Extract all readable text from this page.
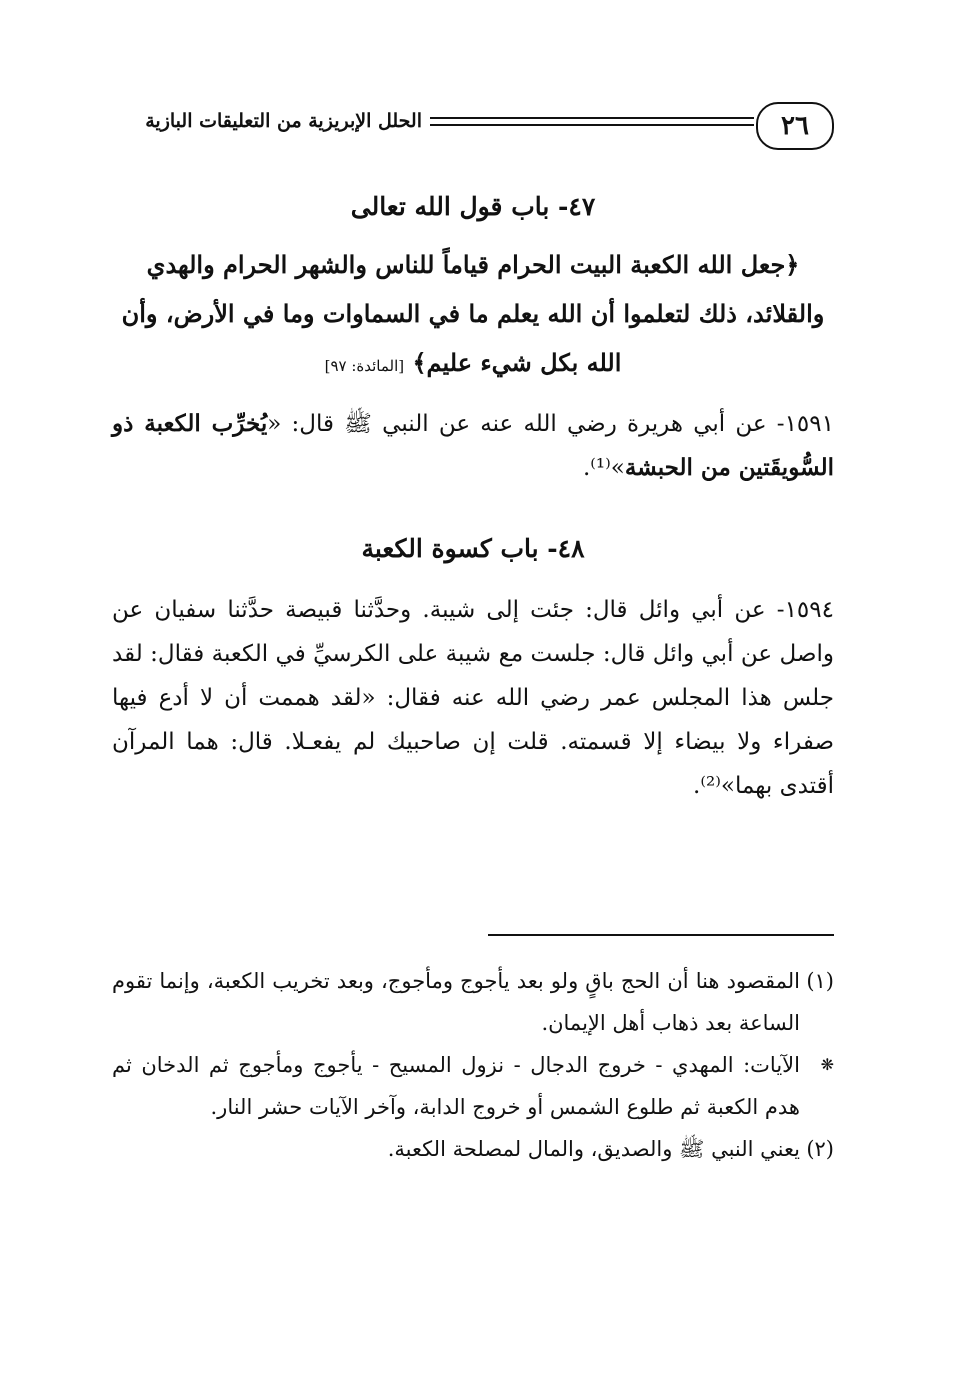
٢٦
الحلل الإبريزية من التعليقات البازية
٤٧- باب قول الله تعالى
﴿جعل الله الكعبة البيت الحرام قياماً للناس والشهر الحرام والهدي والقلائد، ذلك لتعلموا أن الله يعلم ما في السماوات وما في الأرض، وأن الله بكل شيء عليم﴾ [المائدة: ٩٧]
١٥٩١- عن أبي هريرة رضي الله عنه عن النبي ﷺ قال: «يُخرِّب الكعبة ذو السُّويقَتين من الحبشة»⁽¹⁾.
٤٨- باب كسوة الكعبة
١٥٩٤- عن أبي وائل قال: جئت إلى شيبة. وحدَّثنا قبيصة حدَّثنا سفيان عن واصل عن أبي وائل قال: جلست مع شيبة على الكرسيِّ في الكعبة فقال: لقد جلس هذا المجلس عمر رضي الله عنه فقال: «لقد هممت أن لا أدع فيها صفراء ولا بيضاء إلا قسمته. قلت إن صاحبيك لم يفعـلا. قال: هما المرآن أقتدى بهما»⁽²⁾.
(١)
المقصود هنا أن الحج باقٍ ولو بعد يأجوج ومأجوج، وبعد تخريب الكعبة، وإنما تقوم الساعة بعد ذهاب أهل الإيمان.
❋
الآيات: المهدي - خروج الدجال - نزول المسيح - يأجوج ومأجوج ثم الدخان ثم هدم الكعبة ثم طلوع الشمس أو خروج الدابة، وآخر الآيات حشر النار.
(٢)
يعني النبي ﷺ والصديق، والمال لمصلحة الكعبة.
